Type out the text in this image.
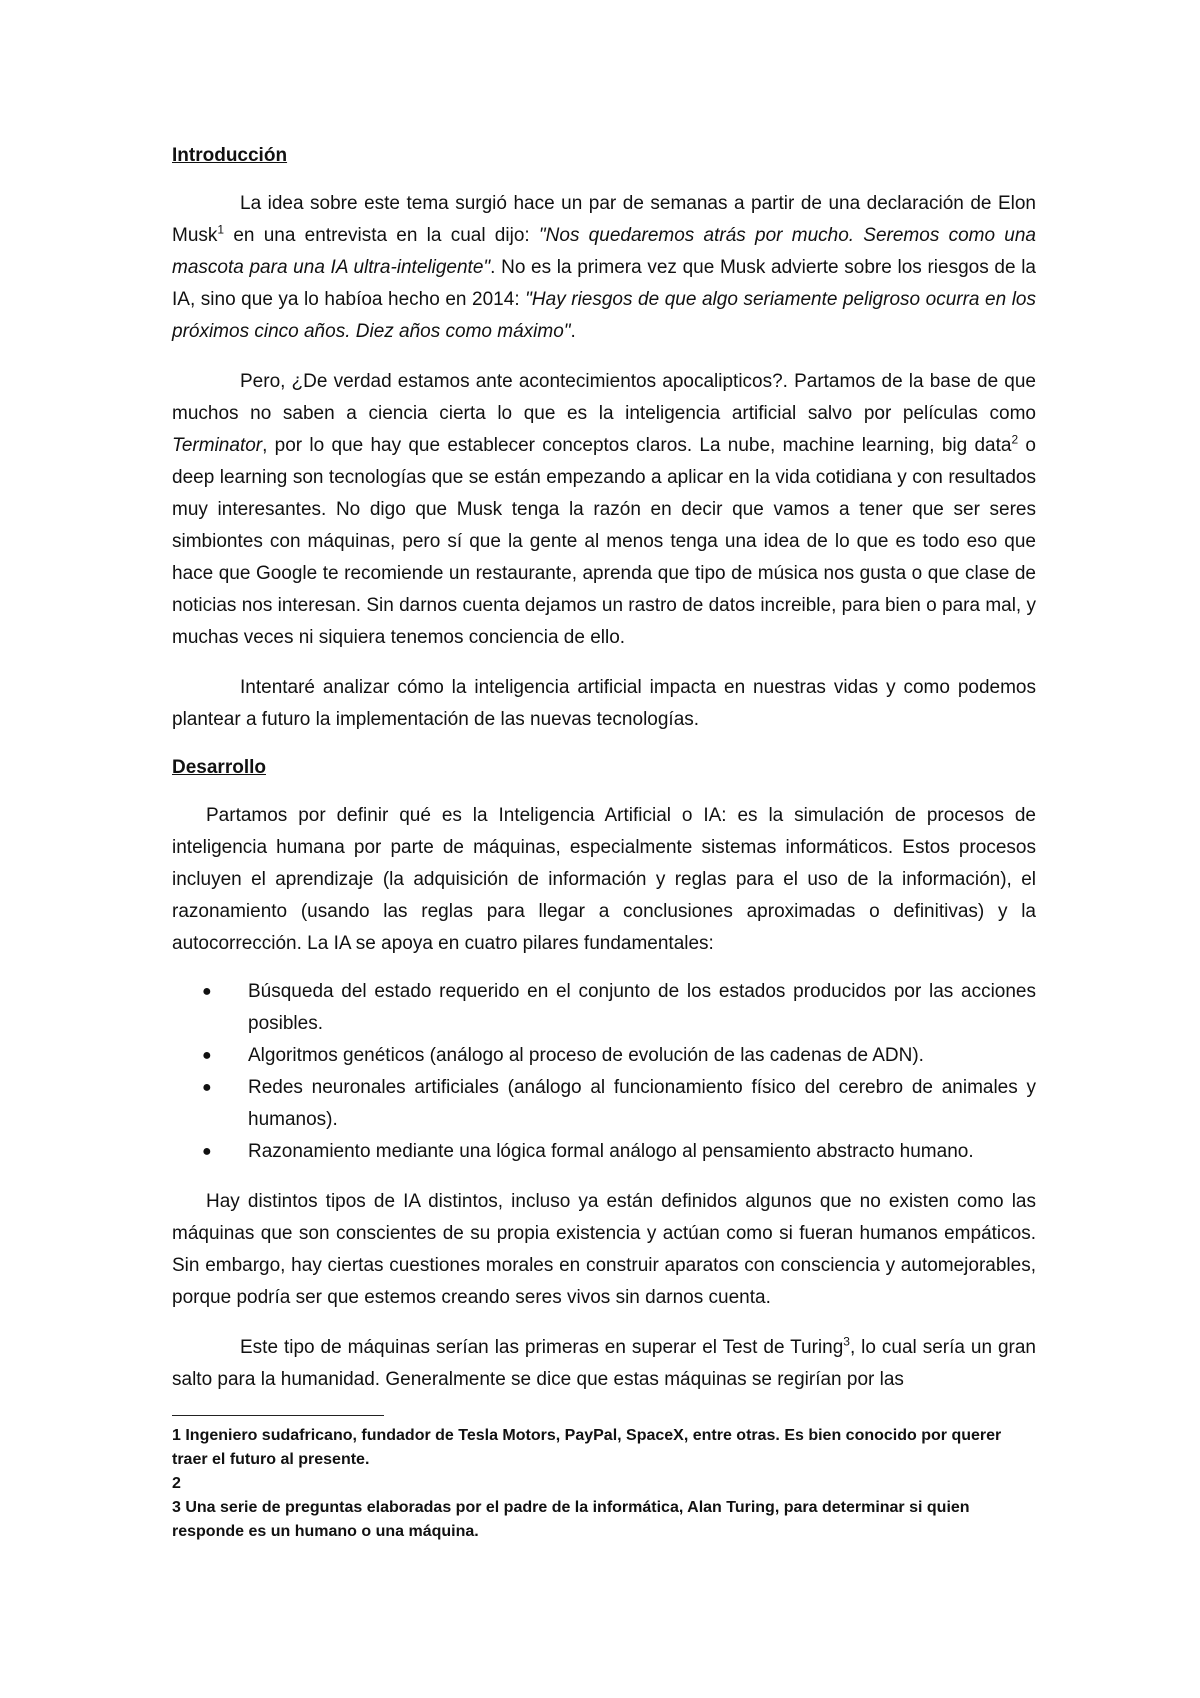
Introducción

La idea sobre este tema surgió hace un par de semanas a partir de una declaración de Elon Musk$^1$ en una entrevista en la cual dijo: "Nos quedaremos atrás por mucho. Seremos como una mascota para una IA ultra-inteligente". No es la primera vez que Musk advierte sobre los riesgos de la IA, sino que ya lo habíoa hecho en 2014: "Hay riesgos de que algo seriamente peligroso ocurra en los próximos cinco años. Diez años como máximo".

Pero, ¿De verdad estamos ante acontecimientos apocalipticos?. Partamos de la base de que muchos no saben a ciencia cierta lo que es la inteligencia artificial salvo por películas como Terminator, por lo que hay que establecer conceptos claros. La nube, machine learning, big data$^2$ o deep learning son tecnologías que se están empezando a aplicar en la vida cotidiana y con resultados muy interesantes. No digo que Musk tenga la razón en decir que vamos a tener que ser seres simbiontes con máquinas, pero sí que la gente al menos tenga una idea de lo que es todo eso que hace que Google te recomiende un restaurante, aprenda que tipo de música nos gusta o que clase de noticias nos interesan. Sin darnos cuenta dejamos un rastro de datos increible, para bien o para mal, y muchas veces ni siquiera tenemos conciencia de ello.

Intentaré analizar cómo la inteligencia artificial impacta en nuestras vidas y como podemos plantear a futuro la implementación de las nuevas tecnologías.

Desarrollo

Partamos por definir qué es la Inteligencia Artificial o IA: es la simulación de procesos de inteligencia humana por parte de máquinas, especialmente sistemas informáticos. Estos procesos incluyen el aprendizaje (la adquisición de información y reglas para el uso de la información), el razonamiento (usando las reglas para llegar a conclusiones aproximadas o definitivas) y la autocorrección. La IA se apoya en cuatro pilares fundamentales:

● Búsqueda del estado requerido en el conjunto de los estados producidos por las acciones posibles.
● Algoritmos genéticos (análogo al proceso de evolución de las cadenas de ADN).
● Redes neuronales artificiales (análogo al funcionamiento físico del cerebro de animales y humanos).
● Razonamiento mediante una lógica formal análogo al pensamiento abstracto humano.

Hay distintos tipos de IA distintos, incluso ya están definidos algunos que no existen como las máquinas que son conscientes de su propia existencia y actúan como si fueran humanos empáticos. Sin embargo, hay ciertas cuestiones morales en construir aparatos con consciencia y automejorables, porque podría ser que estemos creando seres vivos sin darnos cuenta.

Este tipo de máquinas serían las primeras en superar el Test de Turing$^3$, lo cual sería un gran salto para la humanidad. Generalmente se dice que estas máquinas se regirían por las

1 Ingeniero sudafricano, fundador de Tesla Motors, PayPal, SpaceX, entre otras. Es bien conocido por querer traer el futuro al presente.

2

3 Una serie de preguntas elaboradas por el padre de la informática, Alan Turing, para determinar si quien responde es un humano o una máquina.
